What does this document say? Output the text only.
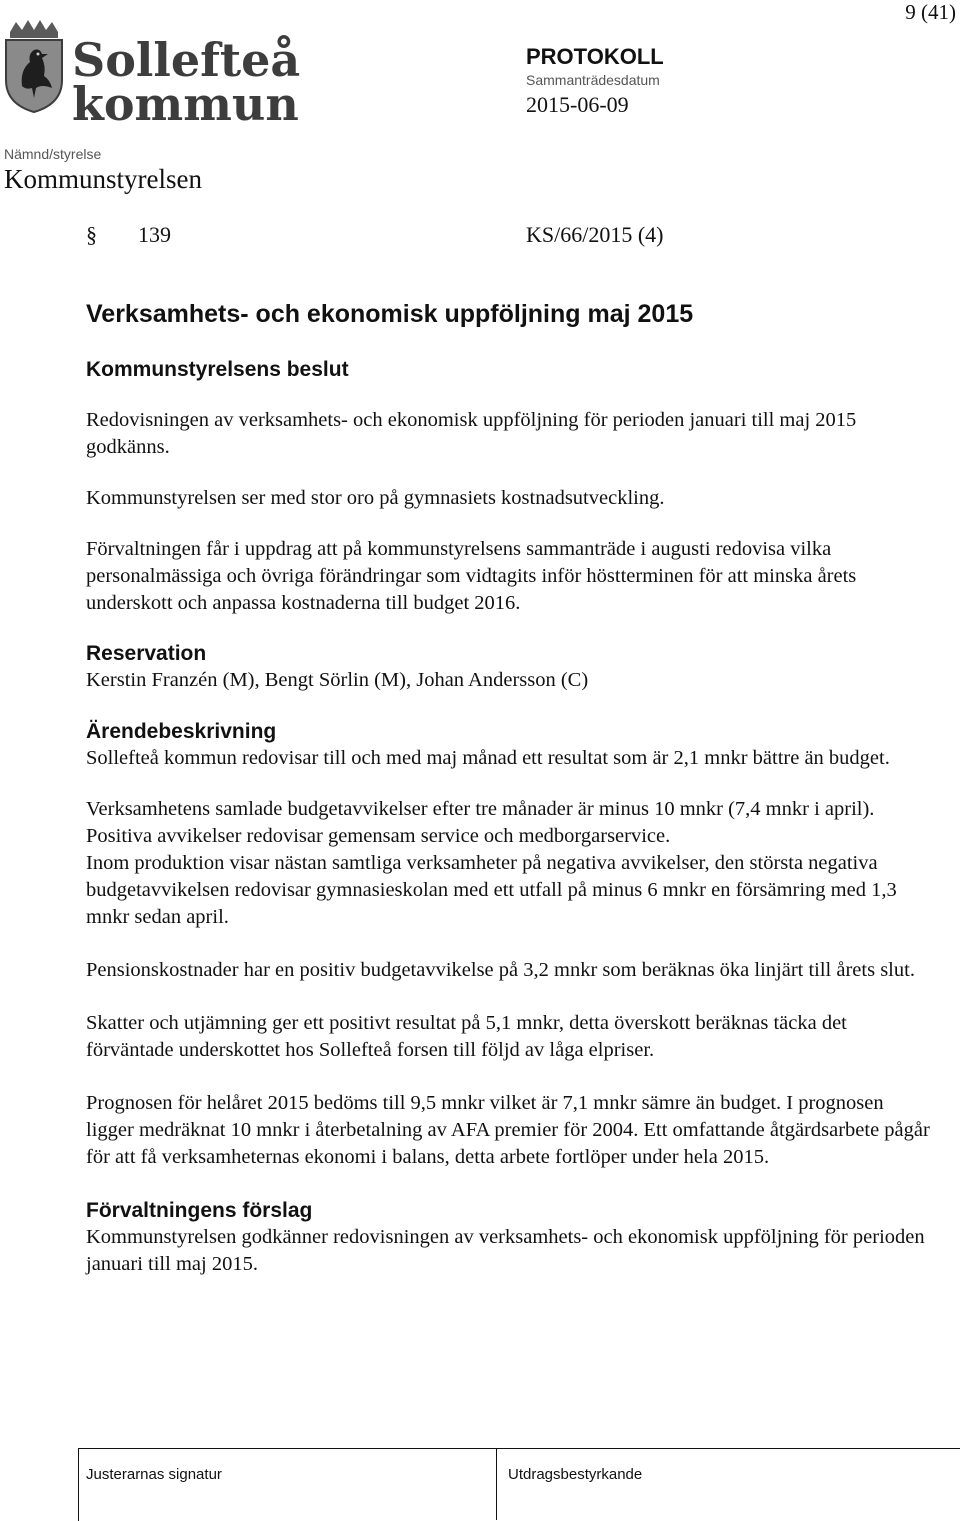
9 (41)
Sollefteå
kommun
PROTOKOLL
Sammanträdesdatum
2015-06-09
Nämnd/styrelse
Kommunstyrelsen
§ 139	KS/66/2015 (4)
Verksamhets- och ekonomisk uppföljning maj 2015
Kommunstyrelsens beslut

Redovisningen av verksamhets- och ekonomisk uppföljning för perioden januari till maj 2015 godkänns.

Kommunstyrelsen ser med stor oro på gymnasiets kostnadsutveckling.

Förvaltningen får i uppdrag att på kommunstyrelsens sammanträde i augusti redovisa vilka personalmässiga och övriga förändringar som vidtagits inför höstterminen för att minska årets underskott och anpassa kostnaderna till budget 2016.

Reservation

Kerstin Franzén (M), Bengt Sörlin (M), Johan Andersson (C)

Ärendebeskrivning

Sollefteå kommun redovisar till och med maj månad ett resultat som är 2,1 mnkr bättre än budget.

Verksamhetens samlade budgetavvikelser efter tre månader är minus 10 mnkr (7,4 mnkr i april). Positiva avvikelser redovisar gemensam service och medborgarservice.

Inom produktion visar nästan samtliga verksamheter på negativa avvikelser, den största negativa budgetavvikelsen redovisar gymnasieskolan med ett utfall på minus 6 mnkr en försämring med 1,3 mnkr sedan april.

Pensionskostnader har en positiv budgetavvikelse på 3,2 mnkr som beräknas öka linjärt till årets slut.

Skatter och utjämning ger ett positivt resultat på 5,1 mnkr, detta överskott beräknas täcka det förväntade underskottet hos Sollefteå forsen till följd av låga elpriser.

Prognosen för helåret 2015 bedöms till 9,5 mnkr vilket är 7,1 mnkr sämre än budget. I prognosen ligger medräknat 10 mnkr i återbetalning av AFA premier för 2004. Ett omfattande åtgärdsarbete pågår för att få verksamheternas ekonomi i balans, detta arbete fortlöper under hela 2015.

Förvaltningens förslag

Kommunstyrelsen godkänner redovisningen av verksamhets- och ekonomisk uppföljning för perioden januari till maj 2015.

Justerarnas signatur	Utdragsbestyrkande
